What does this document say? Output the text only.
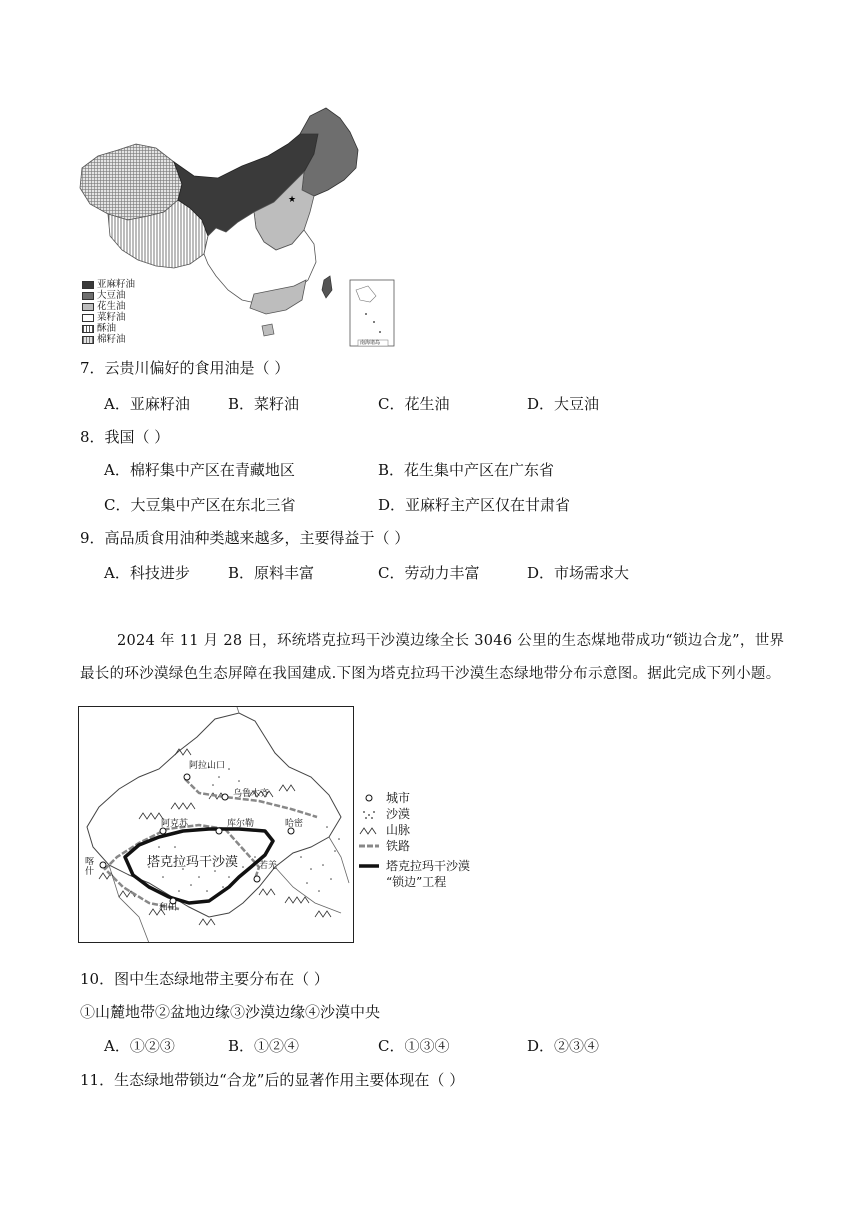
★
南海诸岛
亚麻籽油
大豆油
花生油
菜籽油
酥油
棉籽油
7．云贵川偏好的食用油是（ ）
A．亚麻籽油	B．菜籽油	C．花生油	D．大豆油
8．我国（ ）
A．棉籽集中产区在青藏地区	B．花生集中产区在广东省
C．大豆集中产区在东北三省	D．亚麻籽主产区仅在甘肃省
9．高品质食用油种类越来越多，主要得益于（ ）
A．科技进步	B．原料丰富	C．劳动力丰富	D．市场需求大
2024 年 11 月 28 日，环统塔克拉玛干沙漠边缘全长 3046 公里的生态煤地带成功“锁边合龙”，世界
最长的环沙漠绿色生态屏障在我国建成.下图为塔克拉玛干沙漠生态绿地带分布示意图。据此完成下列小题。
阿拉山口
乌鲁木齐
阿克苏	库尔勒	哈密
喀什
若羌
和田
塔克拉玛干沙漠
城市
沙漠
山脉
铁路
塔克拉玛干沙漠
“锁边”工程
10．图中生态绿地带主要分布在（ ）
①山麓地带②盆地边缘③沙漠边缘④沙漠中央
A．①②③	B．①②④	C．①③④	D．②③④
11．生态绿地带锁边“合龙”后的显著作用主要体现在（ ）
